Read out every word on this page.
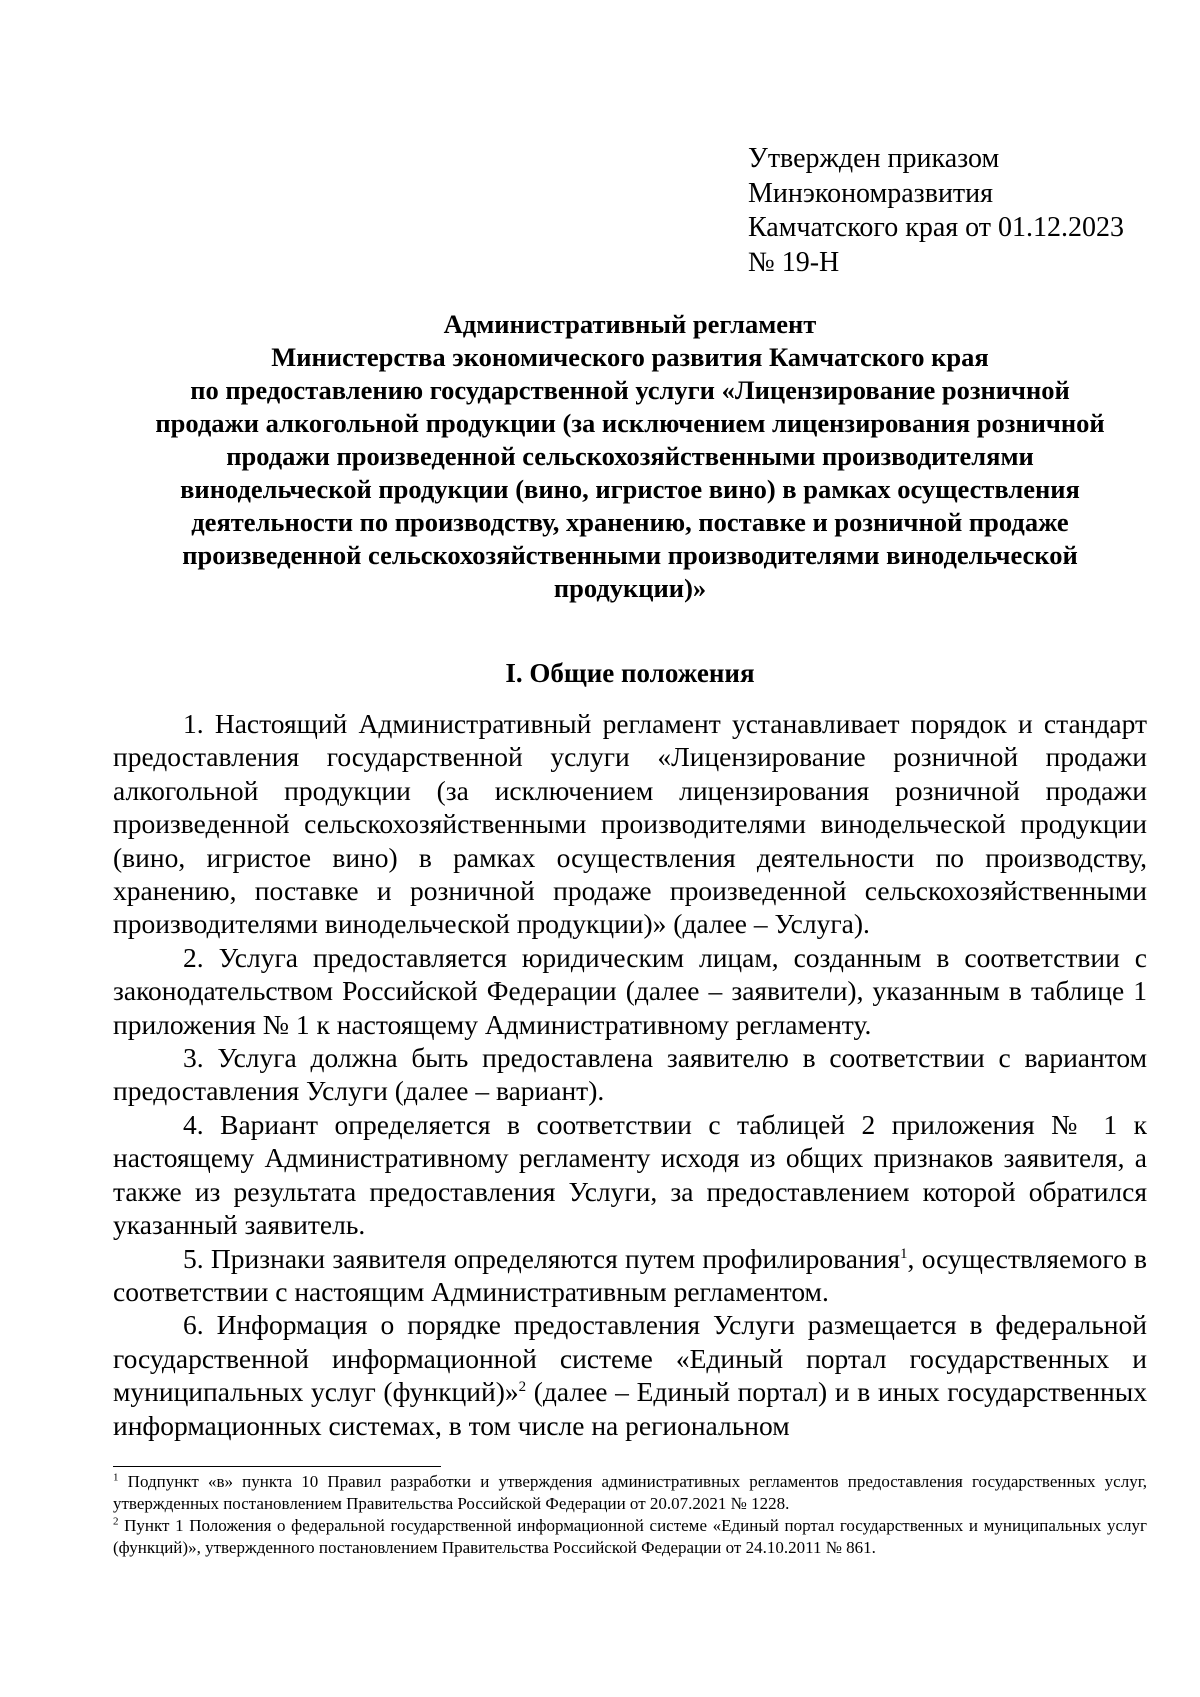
Утвержден приказом
Минэкономразвития
Камчатского края от 01.12.2023
№ 19-Н
Административный регламент
Министерства экономического развития Камчатского края
по предоставлению государственной услуги «Лицензирование розничной
продажи алкогольной продукции (за исключением лицензирования розничной
продажи произведенной сельскохозяйственными производителями
винодельческой продукции (вино, игристое вино) в рамках осуществления
деятельности по производству, хранению, поставке и розничной продаже
произведенной сельскохозяйственными производителями винодельческой
продукции)»
I. Общие положения

1. Настоящий Административный регламент устанавливает порядок и стандарт предоставления государственной услуги «Лицензирование розничной продажи алкогольной продукции (за исключением лицензирования розничной продажи произведенной сельскохозяйственными производителями винодельческой продукции (вино, игристое вино) в рамках осуществления деятельности по производству, хранению, поставке и розничной продаже произведенной сельскохозяйственными производителями винодельческой продукции)» (далее – Услуга).

2. Услуга предоставляется юридическим лицам, созданным в соответствии с законодательством Российской Федерации (далее – заявители), указанным в таблице 1 приложения № 1 к настоящему Административному регламенту.

3. Услуга должна быть предоставлена заявителю в соответствии с вариантом предоставления Услуги (далее – вариант).

4. Вариант определяется в соответствии с таблицей 2 приложения № 1 к настоящему Административному регламенту исходя из общих признаков заявителя, а также из результата предоставления Услуги, за предоставлением которой обратился указанный заявитель.

5. Признаки заявителя определяются путем профилирования$^1$, осуществляемого в соответствии с настоящим Административным регламентом.

6. Информация о порядке предоставления Услуги размещается в федеральной государственной информационной системе «Единый портал государственных и муниципальных услуг (функций)»$^2$ (далее – Единый портал) и в иных государственных информационных системах, в том числе на региональном

$^1$ Подпункт «в» пункта 10 Правил разработки и утверждения административных регламентов предоставления государственных услуг, утвержденных постановлением Правительства Российской Федерации от 20.07.2021 № 1228.

$^2$ Пункт 1 Положения о федеральной государственной информационной системе «Единый портал государственных и муниципальных услуг (функций)», утвержденного постановлением Правительства Российской Федерации от 24.10.2011 № 861.
